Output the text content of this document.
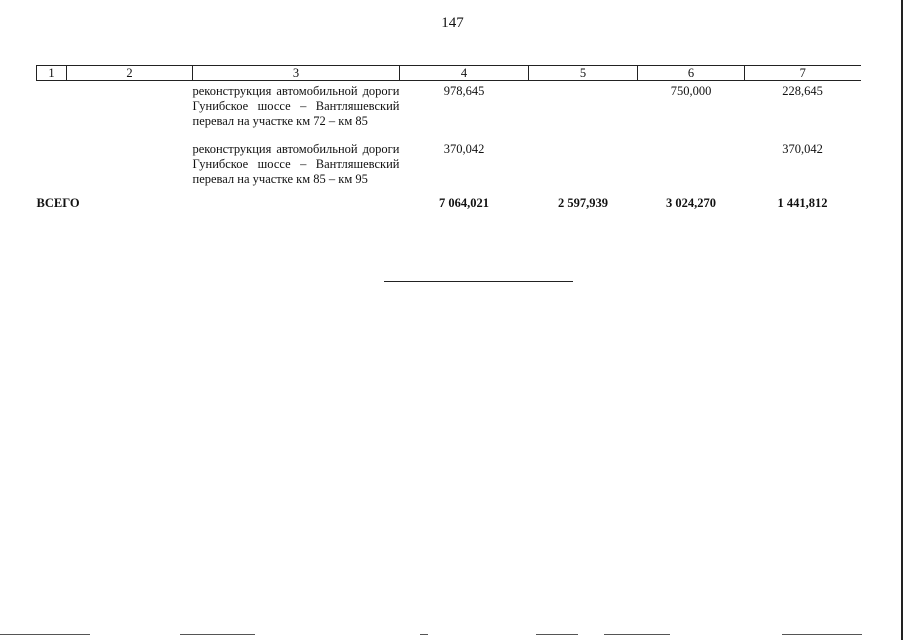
147
1	2	3	4	5	6	7
		реконструкция автомобильной дороги Гунибское шоссе – Вантляшевский перевал на участке км 72 – км 85	978,645		750,000	228,645
		реконструкция автомобильной дороги Гунибское шоссе – Вантляшевский перевал на участке км 85 – км 95	370,042			370,042
ВСЕГО			7 064,021	2 597,939	3 024,270	1 441,812
